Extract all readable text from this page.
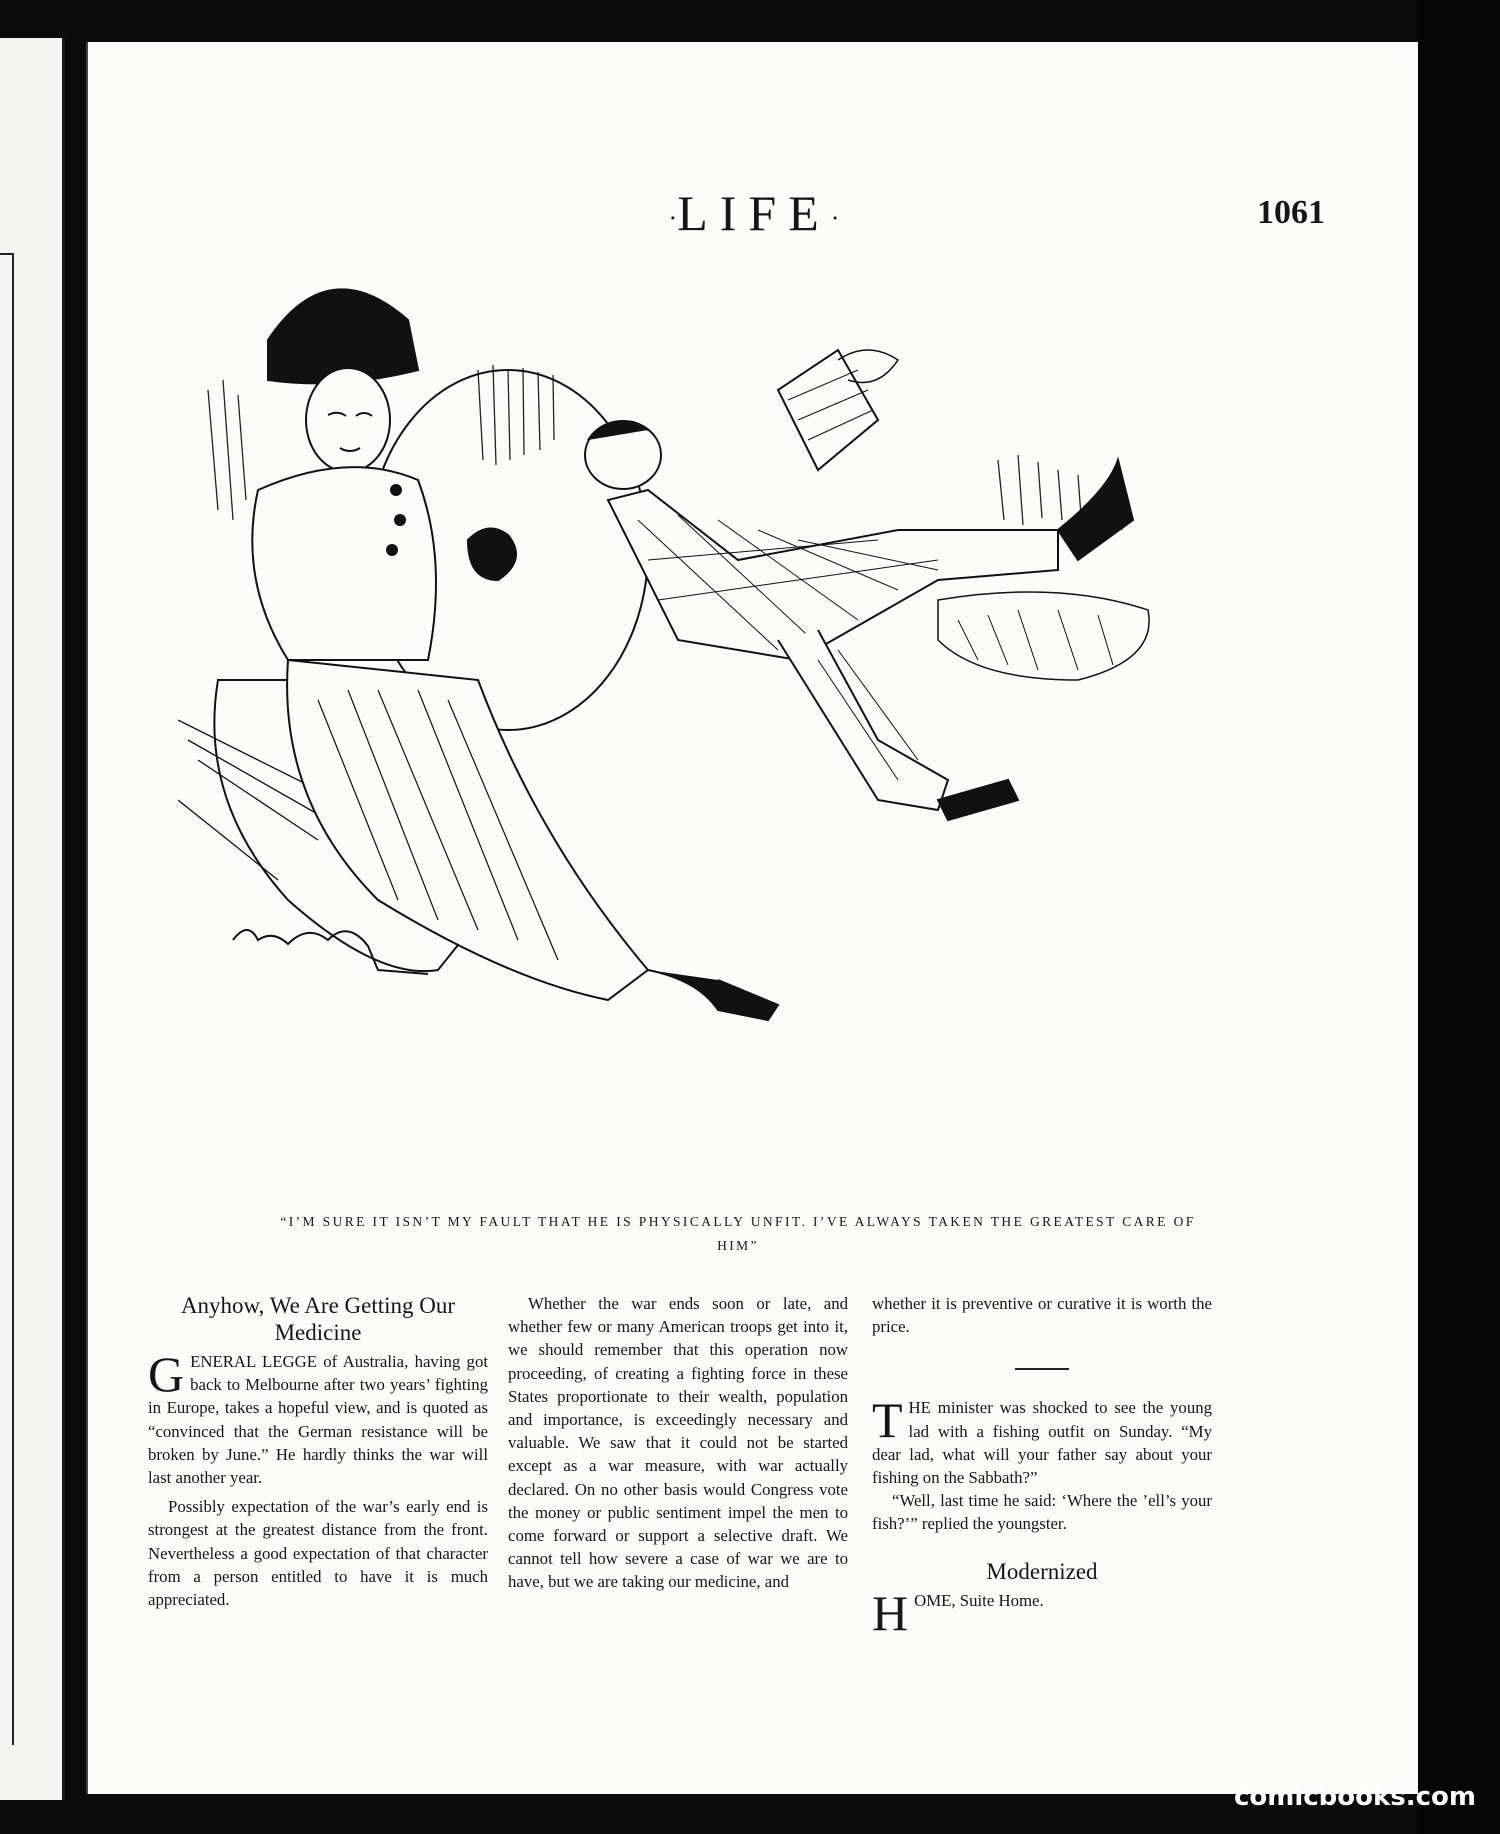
·LIFE·	1061
“I’M SURE IT ISN’T MY FAULT THAT HE IS PHYSICALLY UNFIT. I’VE ALWAYS TAKEN THE GREATEST CARE OF HIM”
Anyhow, We Are Getting Our Medicine

GENERAL LEGGE of Australia, having got back to Melbourne after two years’ fighting in Europe, takes a hopeful view, and is quoted as “convinced that the German resistance will be broken by June.” He hardly thinks the war will last another year.

Possibly expectation of the war’s early end is strongest at the greatest distance from the front. Nevertheless a good expectation of that character from a person entitled to have it is much appreciated.

Whether the war ends soon or late, and whether few or many American troops get into it, we should remember that this operation now proceeding, of creating a fighting force in these States proportionate to their wealth, population and importance, is exceedingly necessary and valuable. We saw that it could not be started except as a war measure, with war actually declared. On no other basis would Congress vote the money or public sentiment impel the men to come forward or support a selective draft. We cannot tell how severe a case of war we are to have, but we are taking our medicine, and

whether it is preventive or curative it is worth the price.

THE minister was shocked to see the young lad with a fishing outfit on Sunday. “My dear lad, what will your father say about your fishing on the Sabbath?”

“Well, last time he said: ‘Where the ’ell’s your fish?’” replied the youngster.

Modernized

HOME, Suite Home.

comicbooks.com
